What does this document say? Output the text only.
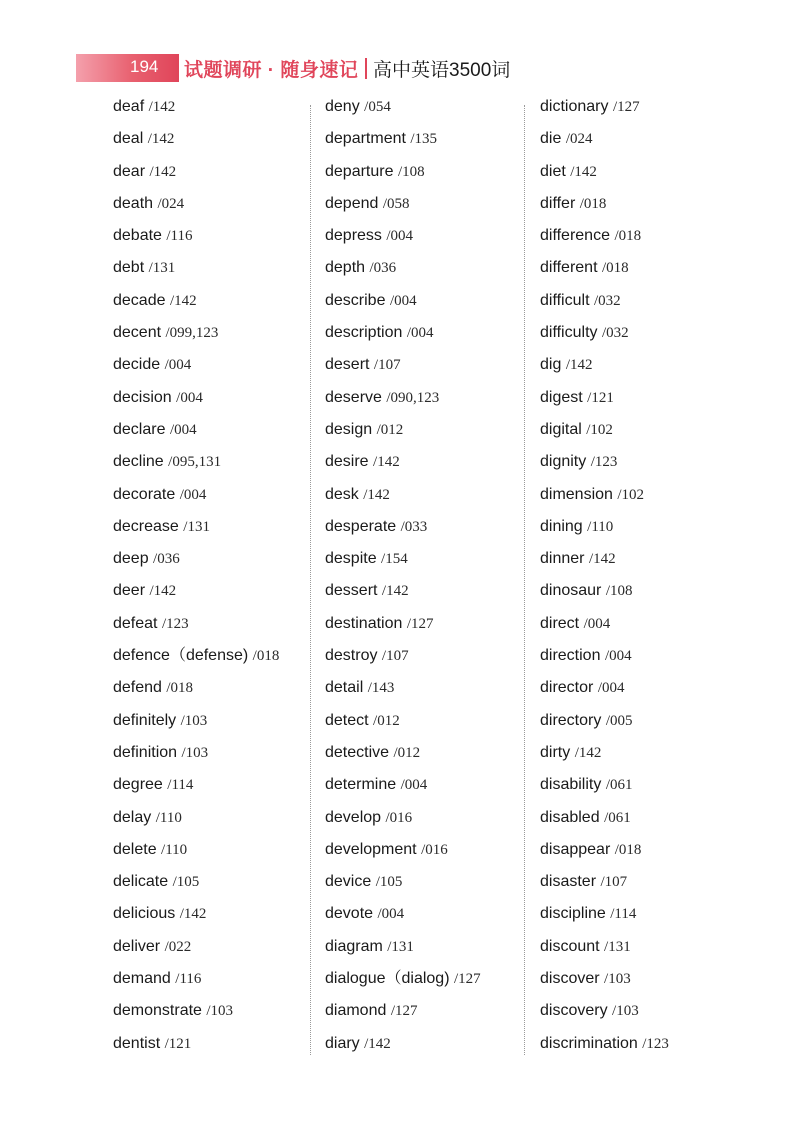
194	试题调研 · 随身速记 高中英语3500词
deaf /142
deal /142
dear /142
death /024
debate /116
debt /131
decade /142
decent /099,123
decide /004
decision /004
declare /004
decline /095,131
decorate /004
decrease /131
deep /036
deer /142
defeat /123
defence（defense) /018
defend /018
definitely /103
definition /103
degree /114
delay /110
delete /110
delicate /105
delicious /142
deliver /022
demand /116
demonstrate /103
dentist /121
deny /054
department /135
departure /108
depend /058
depress /004
depth /036
describe /004
description /004
desert /107
deserve /090,123
design /012
desire /142
desk /142
desperate /033
despite /154
dessert /142
destination /127
destroy /107
detail /143
detect /012
detective /012
determine /004
develop /016
development /016
device /105
devote /004
diagram /131
dialogue（dialog) /127
diamond /127
diary /142
dictionary /127
die /024
diet /142
differ /018
difference /018
different /018
difficult /032
difficulty /032
dig /142
digest /121
digital /102
dignity /123
dimension /102
dining /110
dinner /142
dinosaur /108
direct /004
direction /004
director /004
directory /005
dirty /142
disability /061
disabled /061
disappear /018
disaster /107
discipline /114
discount /131
discover /103
discovery /103
discrimination /123
